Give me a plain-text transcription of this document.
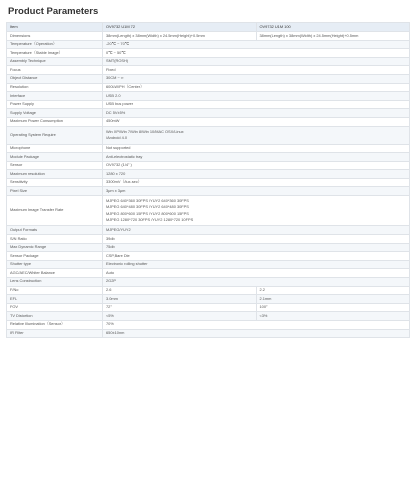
Product Parameters
Item	OV9732 U1M 72	OV9732 U1M 100
Dimensions	38mm(Length) x 38mm(Width) x 24.5mm(Height)+0.5mm	38mm(Length) x 38mm(Width) x 24.5mm(Height)+0.5mm
Temperature（Operation）	-20℃ ~ 70℃	
Temperature（Stable Image）	0℃ ~ 50℃	
Assembly Technique	SMT(ROSH)	
Focus	Fixed	
Object Distance	30CM ~ ∞	
Resolution	600LW/PH（Center）	
Interface	USB 2.0	
Power Supply	USB bus power	
Supply Voltage	DC 5V±5%	
Maximum Power Consumption	450mW	
Operating System Require	Win XP/Win 7/Win 8/Win 10/MAC OSX/Linux
/Android 4.0	

Microphone	Not supported	
Module Package	Anti-electrostatic tray	
Sensor	OV9732 (1/4" )	
Maximum resolution	1280 x 720	
Sensitivity	3300mV（/lux-sec）	
Pixel Size	3μm x 3μm	
Maximum Image Transfer Rate	MJPEG 640*360 30FPS /YUY2 640*360 30FPS
MJPEG 640*480 30FPS /YUY2 640*480 30FPS
MJPEG 800*600 15FPS /YUY2 800*600 15FPS
MJPEG 1280*720 30FPS /YUY2 1280*720 10FPS	

Output Formats	MJPEG/YUY2	
S/N Ratio	39db	
Max Dynamic Range	75db	
Sensor Package	CSP,Bare Die	
Shutter type	Electronic rolling shutter	
AGC/AEC/Whiter Balance	Auto	
Lens Construction	2G2P	
F/No	2.6	2.2
EFL	3.0mm	2.1mm
FOV	72°	100°
TV Distortion	<5%	<3%
Relative Illumination（Sensor）	70%	
IR Filter	650±10nm	
